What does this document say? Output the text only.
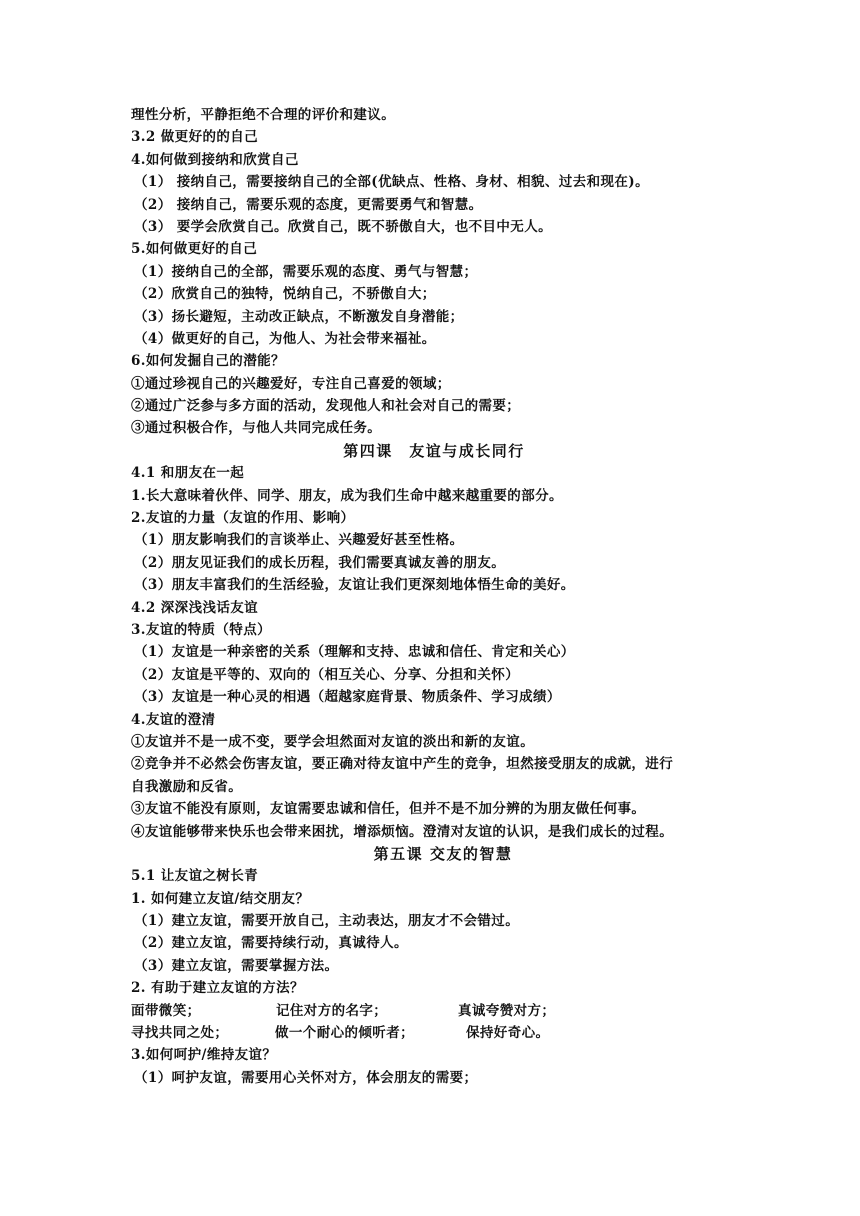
理性分析，平静拒绝不合理的评价和建议。
3.2 做更好的的自己
4.如何做到接纳和欣赏自己
（1） 接纳自己，需要接纳自己的全部(优缺点、性格、身材、相貌、过去和现在)。
（2） 接纳自己，需要乐观的态度，更需要勇气和智慧。
（3） 要学会欣赏自己。欣赏自己，既不骄傲自大，也不目中无人。
5.如何做更好的自己
（1）接纳自己的全部，需要乐观的态度、勇气与智慧；
（2）欣赏自己的独特，悦纳自己，不骄傲自大；
（3）扬长避短，主动改正缺点，不断激发自身潜能；
（4）做更好的自己，为他人、为社会带来福祉。
6.如何发掘自己的潜能？
①通过珍视自己的兴趣爱好，专注自己喜爱的领域；
②通过广泛参与多方面的活动，发现他人和社会对自己的需要；
③通过积极合作，与他人共同完成任务。
第四课　友谊与成长同行
4.1 和朋友在一起
1.长大意味着伙伴、同学、朋友，成为我们生命中越来越重要的部分。
2.友谊的力量（友谊的作用、影响）
（1）朋友影响我们的言谈举止、兴趣爱好甚至性格。
（2）朋友见证我们的成长历程，我们需要真诚友善的朋友。
（3）朋友丰富我们的生活经验，友谊让我们更深刻地体悟生命的美好。
4.2 深深浅浅话友谊
3.友谊的特质（特点）
（1）友谊是一种亲密的关系（理解和支持、忠诚和信任、肯定和关心）
（2）友谊是平等的、双向的（相互关心、分享、分担和关怀）
（3）友谊是一种心灵的相遇（超越家庭背景、物质条件、学习成绩）
4.友谊的澄清
①友谊并不是一成不变，要学会坦然面对友谊的淡出和新的友谊。
②竞争并不必然会伤害友谊，要正确对待友谊中产生的竞争，坦然接受朋友的成就，进行
自我激励和反省。
③友谊不能没有原则，友谊需要忠诚和信任，但并不是不加分辨的为朋友做任何事。
④友谊能够带来快乐也会带来困扰，增添烦恼。澄清对友谊的认识，是我们成长的过程。
第五课 交友的智慧
5.1 让友谊之树长青
1. 如何建立友谊/结交朋友？
（1）建立友谊，需要开放自己，主动表达，朋友才不会错过。
（2）建立友谊，需要持续行动，真诚待人。
（3）建立友谊，需要掌握方法。
2. 有助于建立友谊的方法？
面带微笑；	记住对方的名字；	真诚夸赞对方；
寻找共同之处；	做一个耐心的倾听者；	保持好奇心。
3.如何呵护/维持友谊？
（1）呵护友谊，需要用心关怀对方，体会朋友的需要；
